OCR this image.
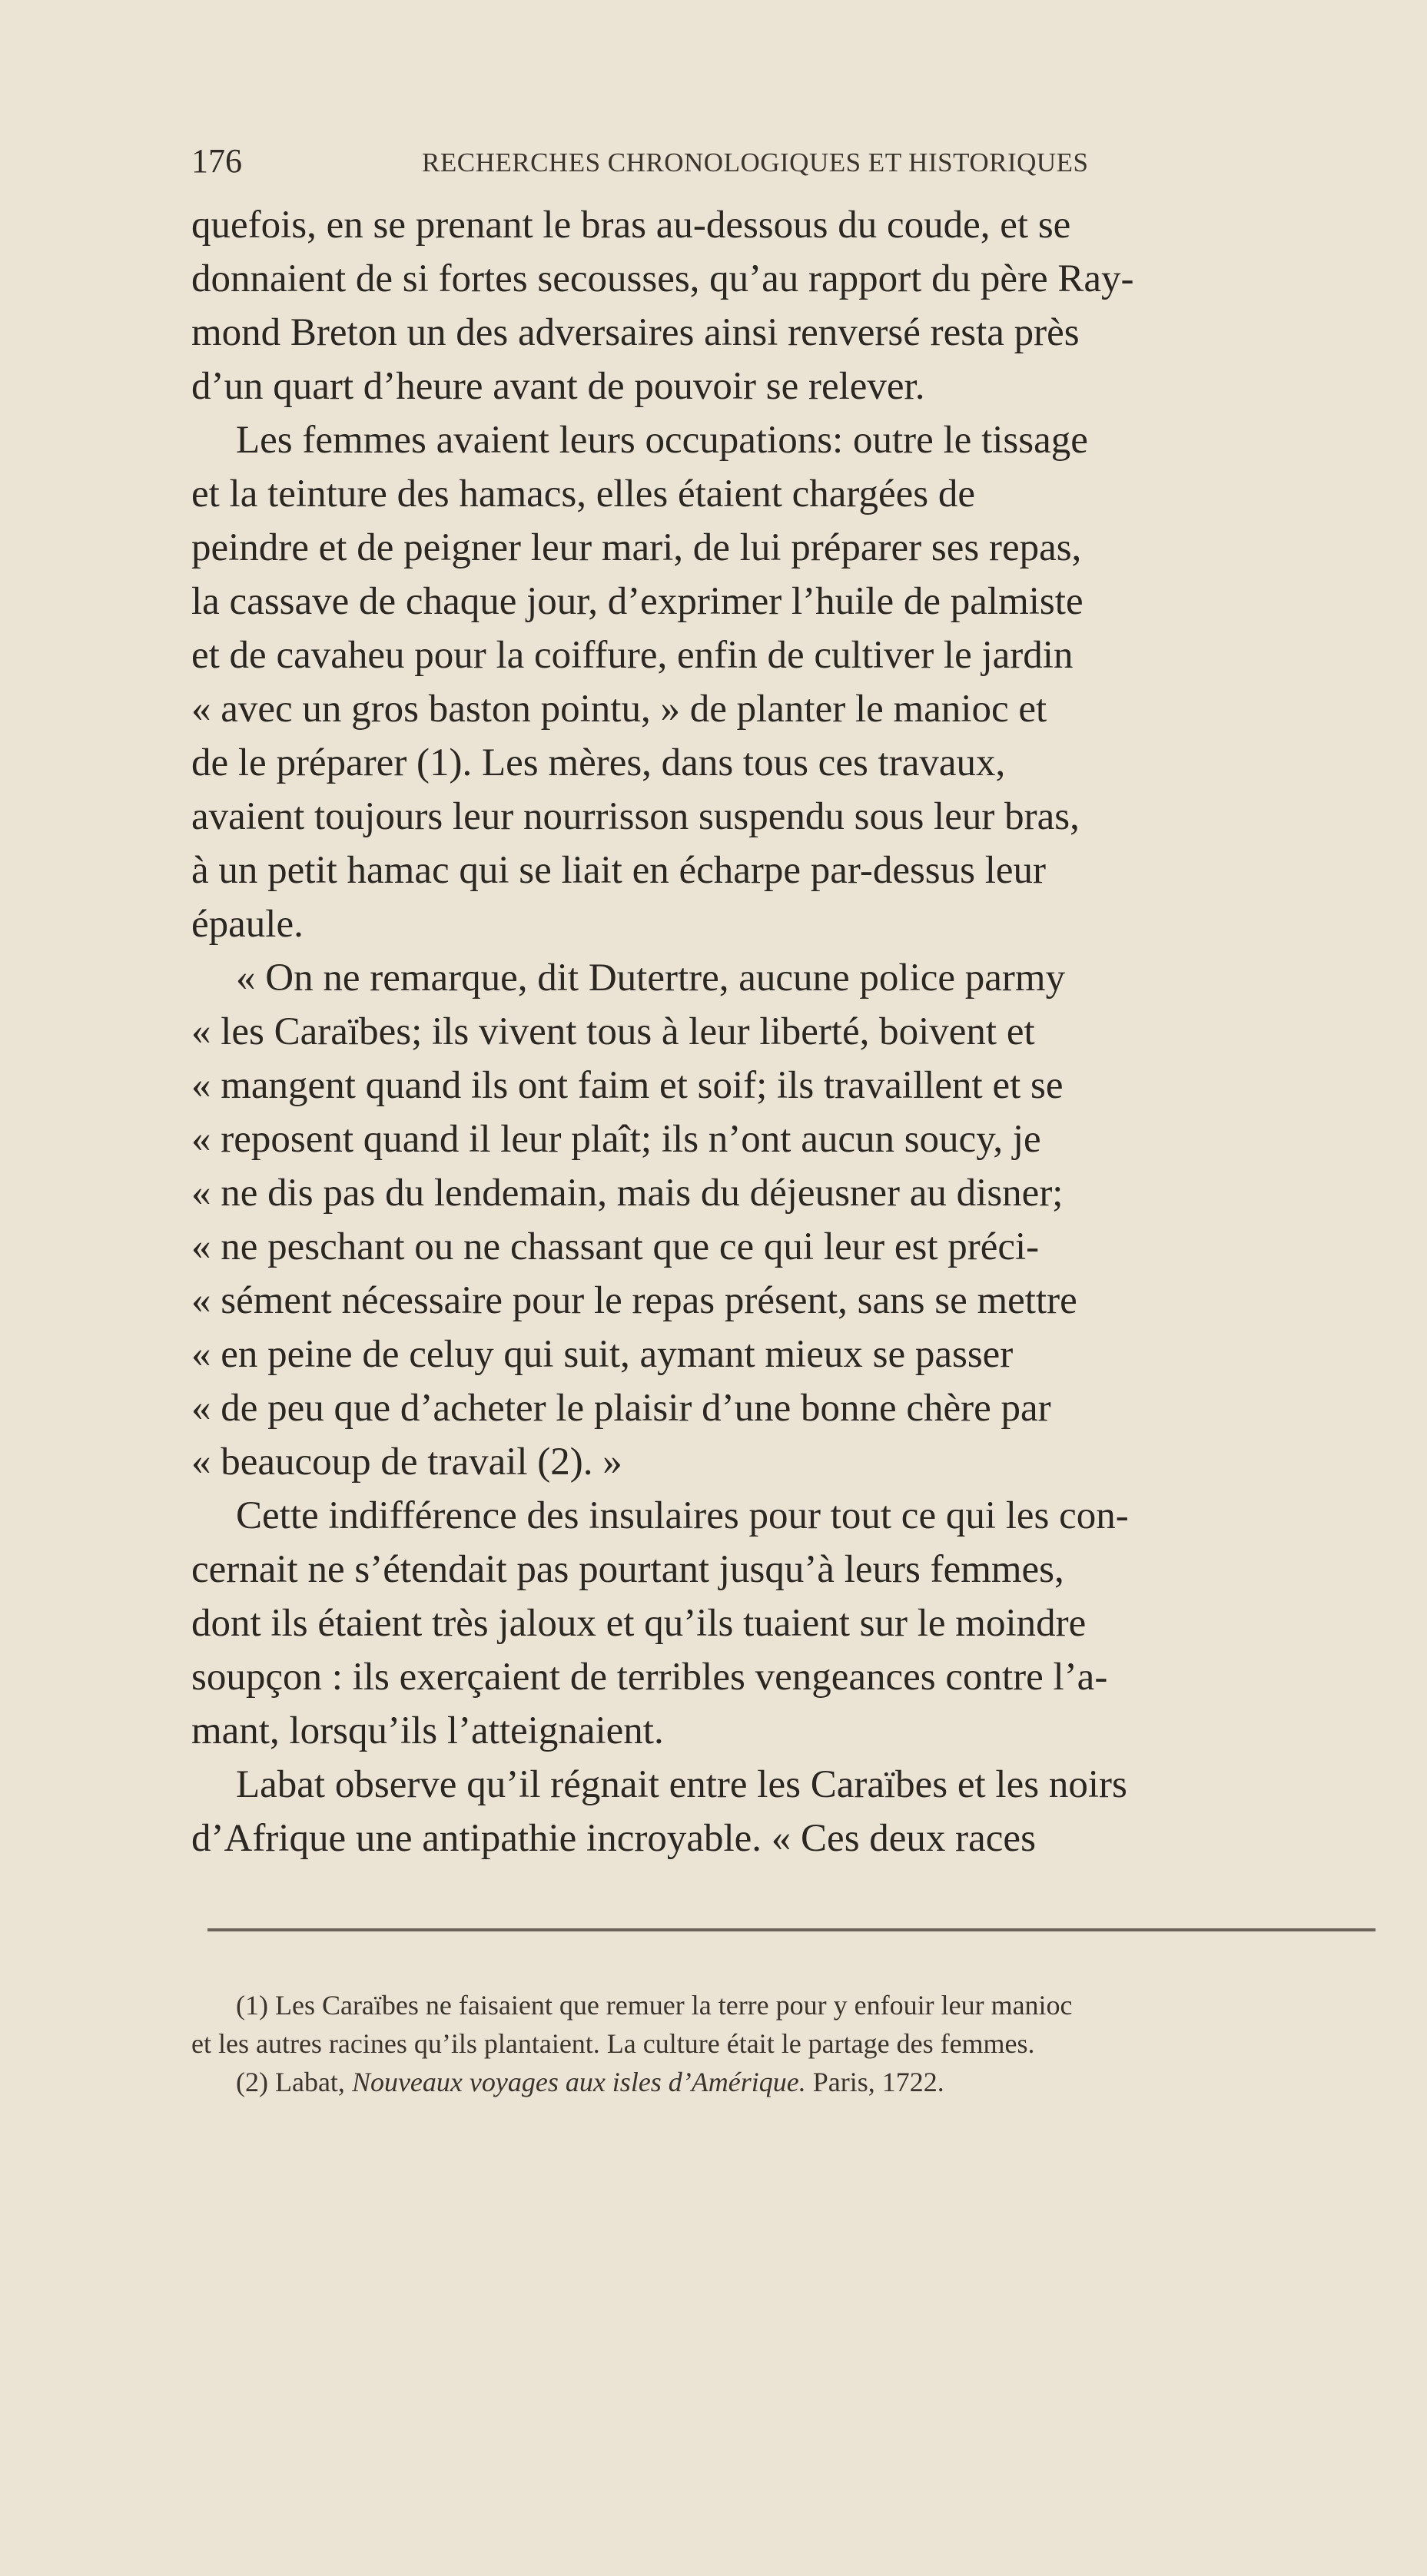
176	RECHERCHES CHRONOLOGIQUES ET HISTORIQUES
quefois, en se prenant le bras au-dessous du coude, et se
donnaient de si fortes secousses, qu’au rapport du père Ray-
mond Breton un des adversaires ainsi renversé resta près
d’un quart d’heure avant de pouvoir se relever.
Les femmes avaient leurs occupations: outre le tissage
et la teinture des hamacs, elles étaient chargées de
peindre et de peigner leur mari, de lui préparer ses repas,
la cassave de chaque jour, d’exprimer l’huile de palmiste
et de cavaheu pour la coiffure, enfin de cultiver le jardin
« avec un gros baston pointu, » de planter le manioc et
de le préparer (1). Les mères, dans tous ces travaux,
avaient toujours leur nourrisson suspendu sous leur bras,
à un petit hamac qui se liait en écharpe par-dessus leur
épaule.
« On ne remarque, dit Dutertre, aucune police parmy
« les Caraïbes; ils vivent tous à leur liberté, boivent et
« mangent quand ils ont faim et soif; ils travaillent et se
« reposent quand il leur plaît; ils n’ont aucun soucy, je
« ne dis pas du lendemain, mais du déjeusner au disner;
« ne peschant ou ne chassant que ce qui leur est préci-
« sément nécessaire pour le repas présent, sans se mettre
« en peine de celuy qui suit, aymant mieux se passer
« de peu que d’acheter le plaisir d’une bonne chère par
« beaucoup de travail (2). »
Cette indifférence des insulaires pour tout ce qui les con-
cernait ne s’étendait pas pourtant jusqu’à leurs femmes,
dont ils étaient très jaloux et qu’ils tuaient sur le moindre
soupçon : ils exerçaient de terribles vengeances contre l’a-
mant, lorsqu’ils l’atteignaient.
Labat observe qu’il régnait entre les Caraïbes et les noirs
d’Afrique une antipathie incroyable. « Ces deux races
(1) Les Caraïbes ne faisaient que remuer la terre pour y enfouir leur manioc
et les autres racines qu’ils plantaient. La culture était le partage des femmes.
(2) Labat, Nouveaux voyages aux isles d’Amérique. Paris, 1722.
